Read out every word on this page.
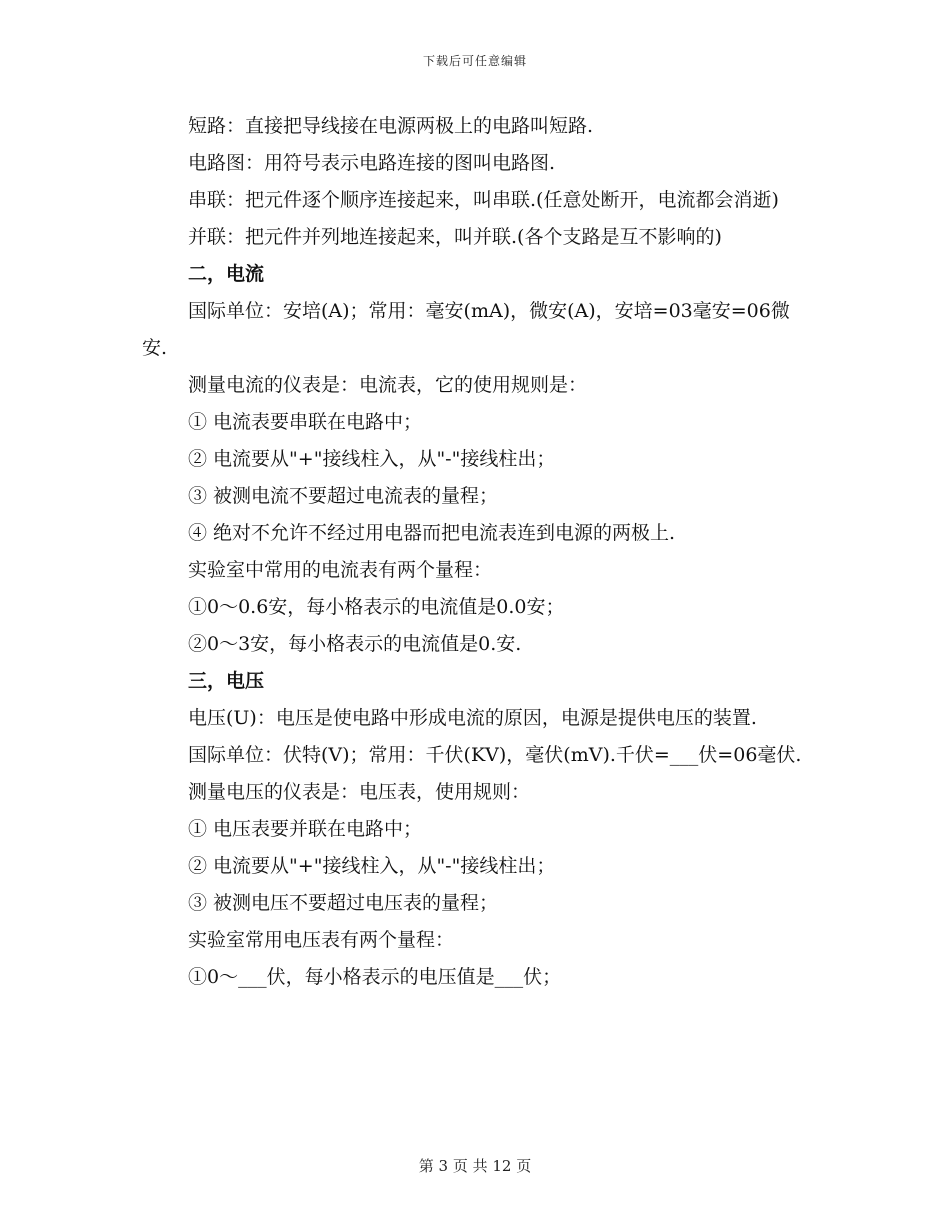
下载后可任意编辑

短路：直接把导线接在电源两极上的电路叫短路.

电路图：用符号表示电路连接的图叫电路图.

串联：把元件逐个顺序连接起来，叫串联.(任意处断开，电流都会消逝)

并联：把元件并列地连接起来，叫并联.(各个支路是互不影响的)

二，电流

国际单位：安培(A)；常用：毫安(mA)，微安(A)，安培=03毫安=06微安.

测量电流的仪表是：电流表，它的使用规则是：

① 电流表要串联在电路中；

② 电流要从"+"接线柱入，从"-"接线柱出；

③ 被测电流不要超过电流表的量程；

④ 绝对不允许不经过用电器而把电流表连到电源的两极上.

实验室中常用的电流表有两个量程：

①0～0.6安，每小格表示的电流值是0.0安；

②0～3安，每小格表示的电流值是0.安.

三，电压

电压(U)：电压是使电路中形成电流的原因，电源是提供电压的装置.

国际单位：伏特(V)；常用：千伏(KV)，毫伏(mV).千伏=___伏=06毫伏.

测量电压的仪表是：电压表，使用规则：

① 电压表要并联在电路中；

② 电流要从"+"接线柱入，从"-"接线柱出；

③ 被测电压不要超过电压表的量程；

实验室常用电压表有两个量程：

①0～___伏，每小格表示的电压值是___伏；

第 3 页 共 12 页
